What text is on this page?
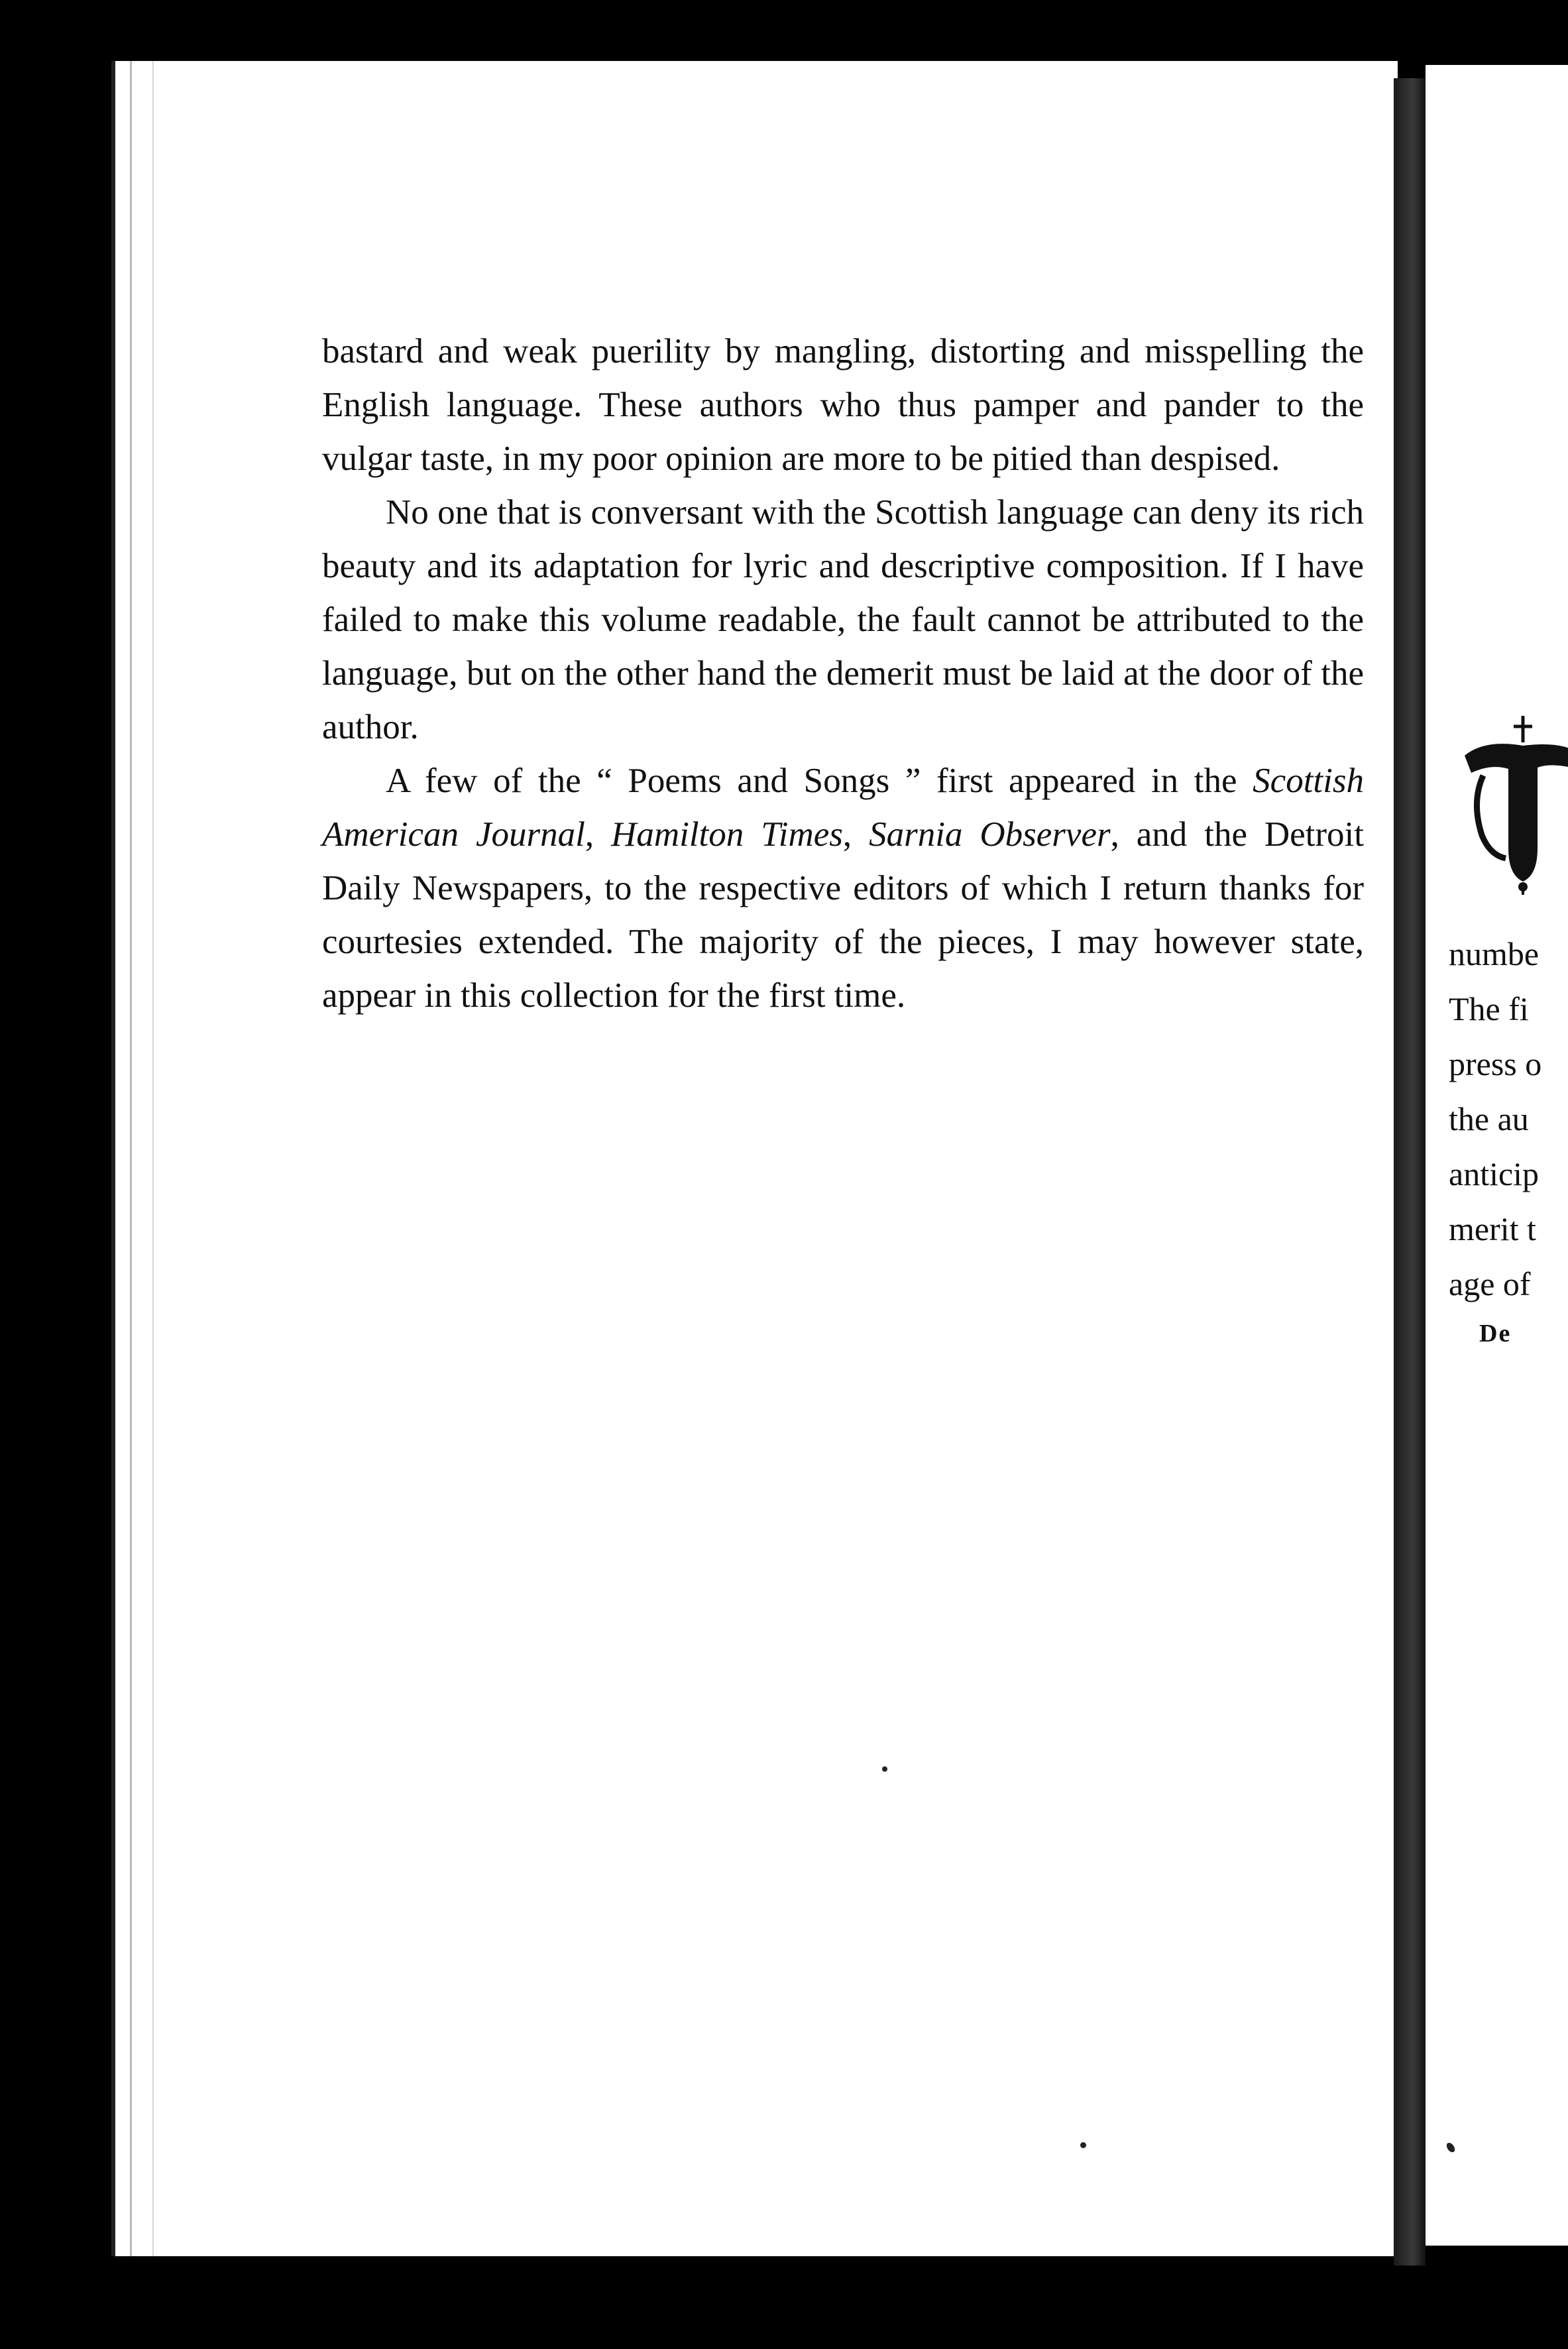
bastard and weak puerility by mangling, distorting and misspelling the English language. These authors who thus pamper and pander to the vulgar taste, in my poor opinion are more to be pitied than despised.

No one that is conversant with the Scottish language can deny its rich beauty and its adaptation for lyric and descriptive composition. If I have failed to make this volume readable, the fault cannot be attributed to the language, but on the other hand the demerit must be laid at the door of the author.

A few of the “ Poems and Songs ” first appeared in the Scottish American Journal, Hamilton Times, Sarnia Observer, and the Detroit Daily Newspapers, to the respective editors of which I return thanks for courtesies extended. The majority of the pieces, I may however state, appear in this collection for the first time.

numbe
The fi
press o
the au
anticip
merit t
age of
De
